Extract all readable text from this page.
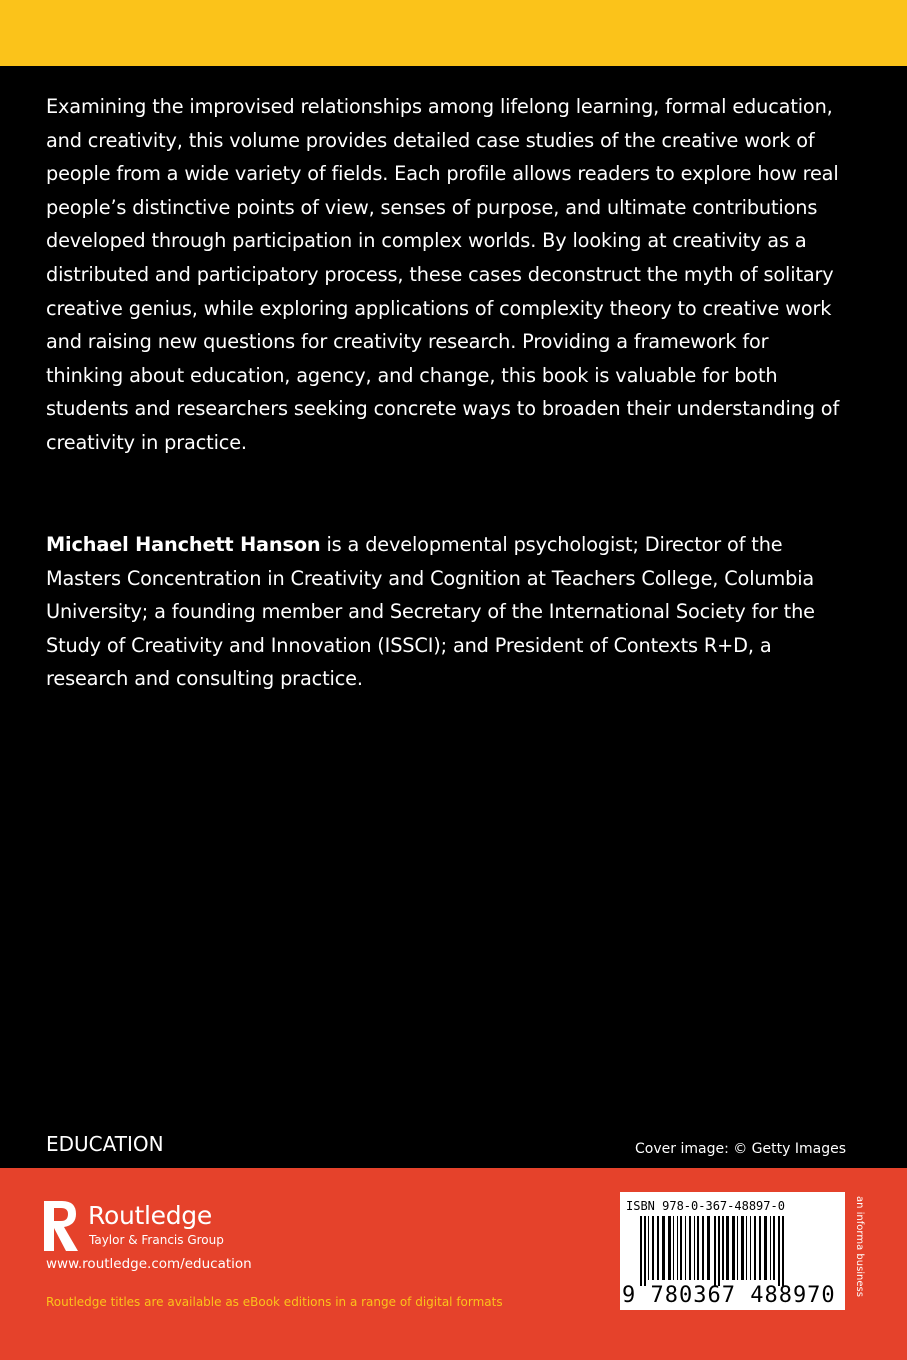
Examining the improvised relationships among lifelong learning, formal education, and creativity, this volume provides detailed case studies of the creative work of people from a wide variety of fields. Each profile allows readers to explore how real people’s distinctive points of view, senses of purpose, and ultimate contributions developed through participation in complex worlds. By looking at creativity as a distributed and participatory process, these cases deconstruct the myth of solitary creative genius, while exploring applications of complexity theory to creative work and raising new questions for creativity research. Providing a framework for thinking about education, agency, and change, this book is valuable for both students and researchers seeking concrete ways to broaden their understanding of creativity in practice.

Michael Hanchett Hanson is a developmental psychologist; Director of the Masters Concentration in Creativity and Cognition at Teachers College, Columbia University; a founding member and Secretary of the International Society for the Study of Creativity and Innovation (ISSCI); and President of Contexts R+D, a research and consulting practice.

EDUCATION	Cover image: © Getty Images

Routledge

Taylor & Francis Group

www.routledge.com/education

Routledge titles are available as eBook editions in a range of digital formats

ISBN 978-0-367-48897-0

9 780367 488970 an informa business
